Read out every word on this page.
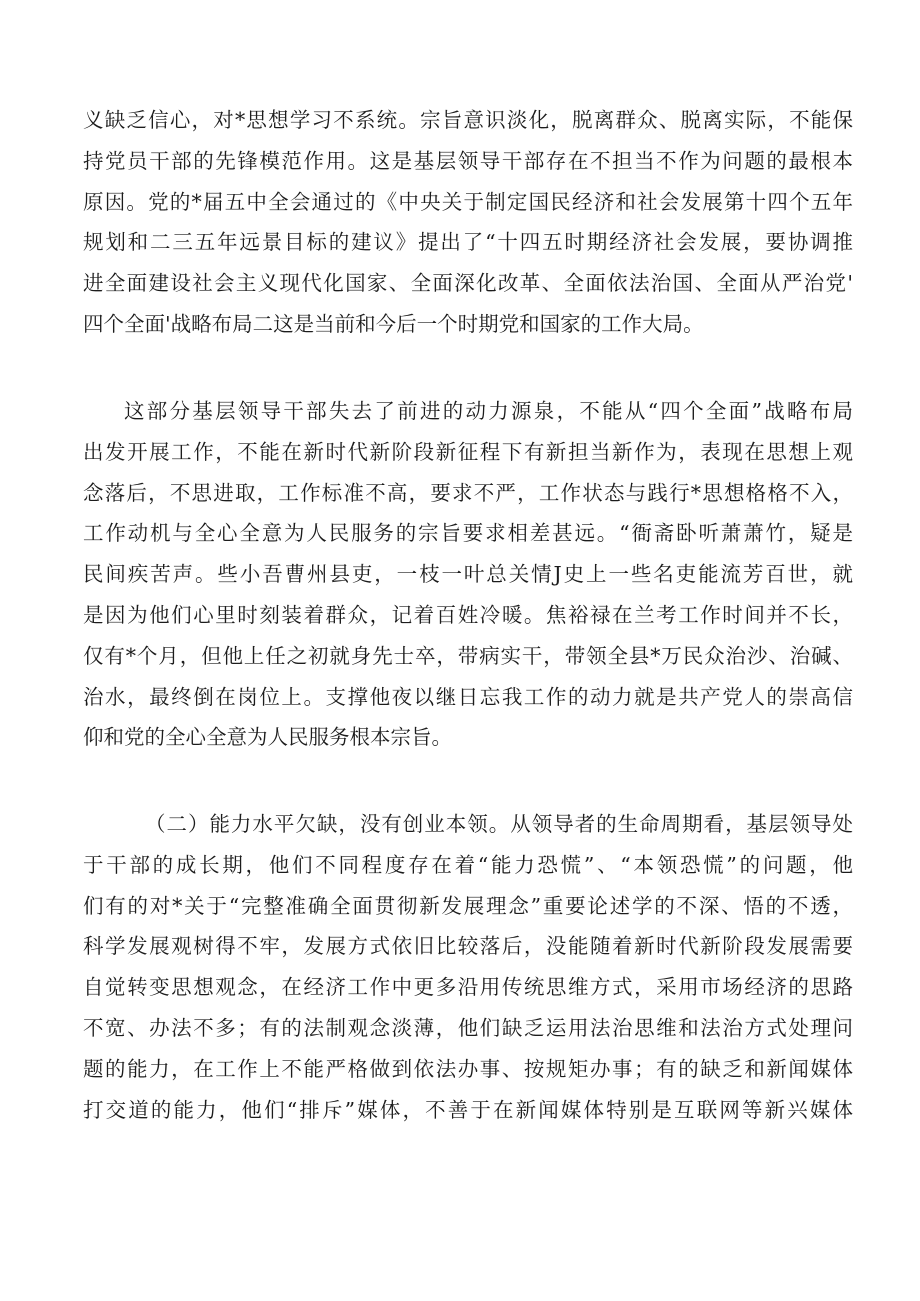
义缺乏信心，对*思想学习不系统。宗旨意识淡化，脱离群众、脱离实际，不能保
持党员干部的先锋模范作用。这是基层领导干部存在不担当不作为问题的最根本
原因。党的*届五中全会通过的《中央关于制定国民经济和社会发展第十四个五年
规划和二三五年远景目标的建议》提出了“十四五时期经济社会发展，要协调推
进全面建设社会主义现代化国家、全面深化改革、全面依法治国、全面从严治党'
四个全面'战略布局二这是当前和今后一个时期党和国家的工作大局。
这部分基层领导干部失去了前进的动力源泉，不能从“四个全面”战略布局
出发开展工作，不能在新时代新阶段新征程下有新担当新作为，表现在思想上观
念落后，不思进取，工作标准不高，要求不严，工作状态与践行*思想格格不入，
工作动机与全心全意为人民服务的宗旨要求相差甚远。“衙斋卧听萧萧竹，疑是
民间疾苦声。些小吾曹州县吏，一枝一叶总关情J史上一些名吏能流芳百世，就
是因为他们心里时刻装着群众，记着百姓冷暖。焦裕禄在兰考工作时间并不长，
仅有*个月，但他上任之初就身先士卒，带病实干，带领全县*万民众治沙、治碱、
治水，最终倒在岗位上。支撑他夜以继日忘我工作的动力就是共产党人的崇高信
仰和党的全心全意为人民服务根本宗旨。
（二）能力水平欠缺，没有创业本领。从领导者的生命周期看，基层领导处
于干部的成长期，他们不同程度存在着“能力恐慌”、“本领恐慌”的问题，他
们有的对*关于“完整准确全面贯彻新发展理念”重要论述学的不深、悟的不透，
科学发展观树得不牢，发展方式依旧比较落后，没能随着新时代新阶段发展需要
自觉转变思想观念，在经济工作中更多沿用传统思维方式，采用市场经济的思路
不宽、办法不多；有的法制观念淡薄，他们缺乏运用法治思维和法治方式处理问
题的能力，在工作上不能严格做到依法办事、按规矩办事；有的缺乏和新闻媒体
打交道的能力，他们“排斥”媒体，不善于在新闻媒体特别是互联网等新兴媒体
